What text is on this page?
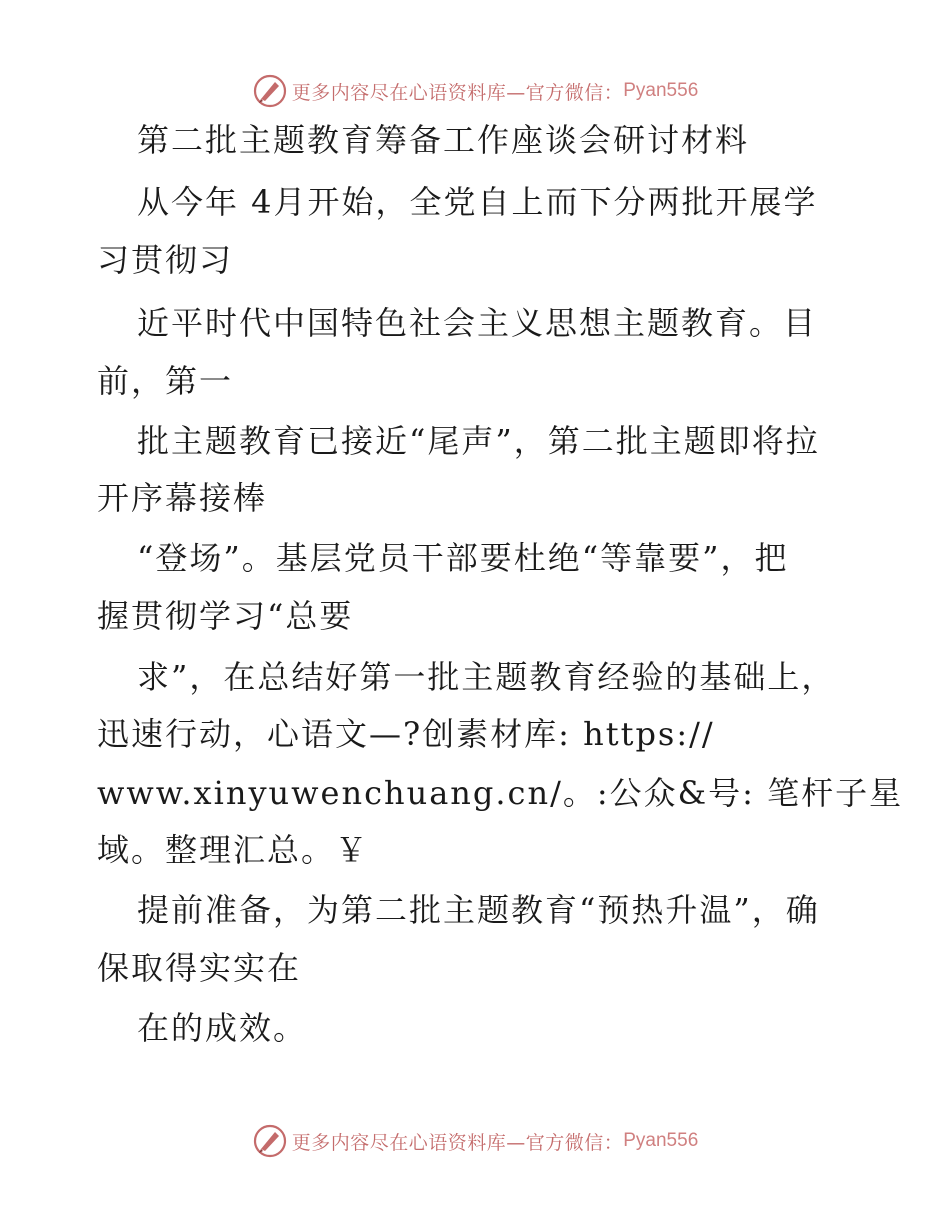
更多内容尽在心语资料库—官方微信： Pyan556
第二批主题教育筹备工作座谈会研讨材料
从今年 4月开始，全党自上而下分两批开展学
习贯彻习
近平时代中国特色社会主义思想主题教育。目
前，第一
批主题教育已接近“尾声”，第二批主题即将拉
开序幕接棒
“登场”。基层党员干部要杜绝“等靠要”，把
握贯彻学习“总要
求”，在总结好第一批主题教育经验的基础上，
迅速行动，心语文—?创素材库: https://
www.xinyuwenchuang.cn/。:公众&号: 笔杆子星
域。整理汇总。￥
提前准备，为第二批主题教育“预热升温”，确
保取得实实在
在的成效。
更多内容尽在心语资料库—官方微信： Pyan556
